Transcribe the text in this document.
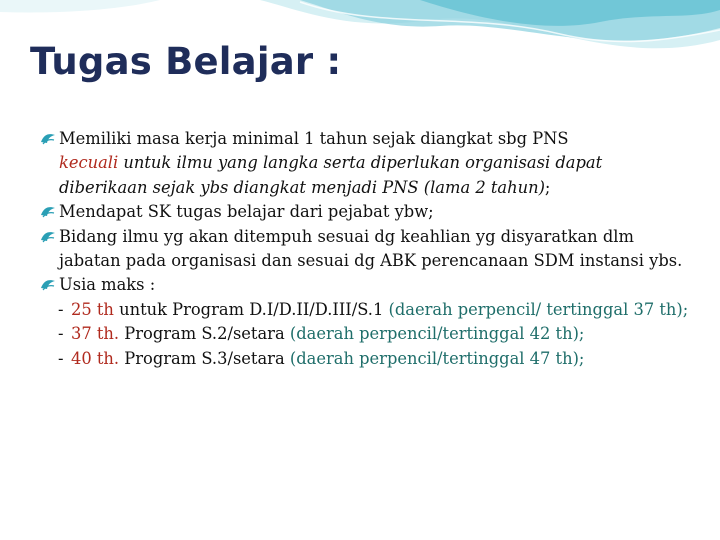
Tugas Belajar :
Memiliki masa kerja minimal 1 tahun sejak diangkat sbg PNS
kecuali untuk ilmu yang langka serta diperlukan organisasi dapat diberikaan sejak ybs diangkat menjadi PNS (lama 2 tahun);
Mendapat SK tugas belajar dari pejabat ybw;
Bidang ilmu yg akan ditempuh sesuai dg keahlian yg disyaratkan dlm jabatan pada organisasi dan sesuai dg ABK perencanaan SDM instansi ybs.
Usia maks :
- 25 th untuk Program D.I/D.II/D.III/S.1 (daerah perpencil/ tertinggal 37 th);
- 37 th. Program S.2/setara (daerah perpencil/tertinggal 42 th);
- 40 th. Program S.3/setara (daerah perpencil/tertinggal 47 th);
